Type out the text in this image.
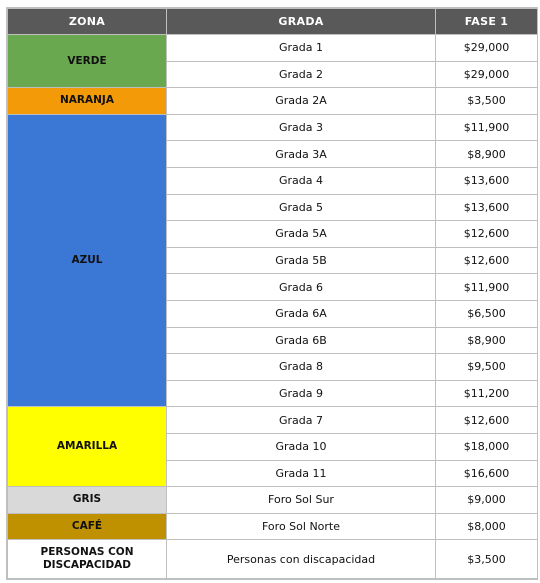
ZONA	GRADA	FASE 1
VERDE	Grada 1	$29,000
	Grada 2	$29,000
NARANJA	Grada 2A	$3,500
AZUL	Grada 3	$11,900
	Grada 3A	$8,900
	Grada 4	$13,600
	Grada 5	$13,600
	Grada 5A	$12,600
	Grada 5B	$12,600
	Grada 6	$11,900
	Grada 6A	$6,500
	Grada 6B	$8,900
	Grada 8	$9,500
	Grada 9	$11,200
AMARILLA	Grada 7	$12,600
	Grada 10	$18,000
	Grada 11	$16,600
GRIS	Foro Sol Sur	$9,000
CAFÉ	Foro Sol Norte	$8,000

PERSONAS CON
DISCAPACIDAD	Personas con discapacidad	$3,500
